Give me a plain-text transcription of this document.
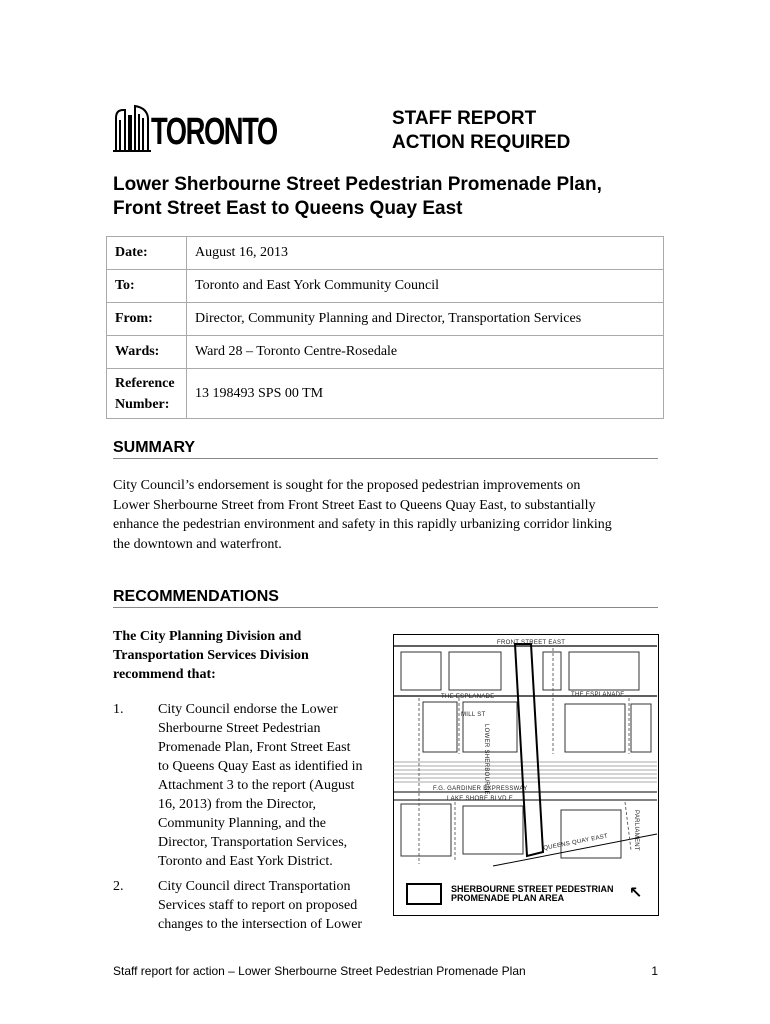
TORONTO	STAFF REPORT
ACTION REQUIRED
Lower Sherbourne Street Pedestrian Promenade Plan,
Front Street East to Queens Quay East
Date:	August 16, 2013
To:	Toronto and East York Community Council
From:	Director, Community Planning and Director, Transportation Services
Wards:	Ward 28 – Toronto Centre-Rosedale

Reference
Number:	13 198493 SPS 00 TM
SUMMARY
City Council’s endorsement is sought for the proposed pedestrian improvements on
Lower Sherbourne Street from Front Street East to Queens Quay East, to substantially
enhance the pedestrian environment and safety in this rapidly urbanizing corridor linking
the downtown and waterfront.
RECOMMENDATIONS
The City Planning Division and
Transportation Services Division
recommend that:
1. City Council endorse the Lower
Sherbourne Street Pedestrian
Promenade Plan, Front Street East
to Queens Quay East as identified in
Attachment 3 to the report (August
16, 2013) from the Director,
Community Planning, and the
Director, Transportation Services,
Toronto and East York District.
2. City Council direct Transportation
Services staff to report on proposed
changes to the intersection of Lower
FRONT STREET EAST
THE ESPLANADE	THE ESPLANADE
MILL ST
LOWER SHERBOURNE
F.G. GARDINER EXPRESSWAY
LAKE SHORE BLVD E
QUEENS QUAY EAST	PARLIAMENT
SHERBOURNE STREET PEDESTRIAN
PROMENADE PLAN AREA	↖
Staff report for action – Lower Sherbourne Street Pedestrian Promenade Plan	1
